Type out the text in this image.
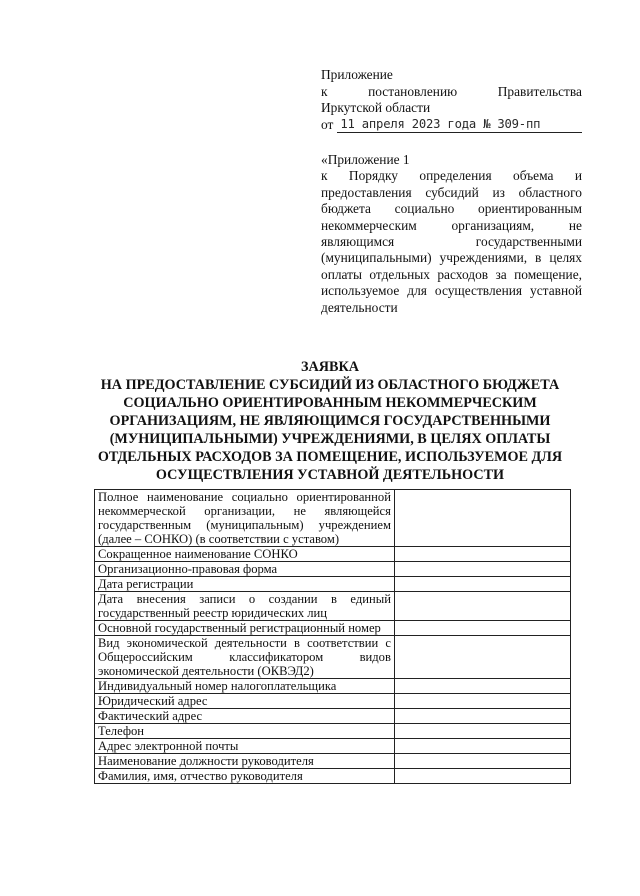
Приложение
к	постановлению	Правительства
Иркутской области
от 11 апреля 2023 года № 309-пп
«Приложение 1
к Порядку определения объема и предоставления субсидий из областного бюджета социально ориентированным некоммерческим организациям, не являющимся государственными (муниципальными) учреждениями, в целях оплаты отдельных расходов за помещение, используемое для осуществления уставной деятельности
ЗАЯВКА
НА ПРЕДОСТАВЛЕНИЕ СУБСИДИЙ ИЗ ОБЛАСТНОГО БЮДЖЕТА
СОЦИАЛЬНО ОРИЕНТИРОВАННЫМ НЕКОММЕРЧЕСКИМ
ОРГАНИЗАЦИЯМ, НЕ ЯВЛЯЮЩИМСЯ ГОСУДАРСТВЕННЫМИ
(МУНИЦИПАЛЬНЫМИ) УЧРЕЖДЕНИЯМИ, В ЦЕЛЯХ ОПЛАТЫ
ОТДЕЛЬНЫХ РАСХОДОВ ЗА ПОМЕЩЕНИЕ, ИСПОЛЬЗУЕМОЕ ДЛЯ
ОСУЩЕСТВЛЕНИЯ УСТАВНОЙ ДЕЯТЕЛЬНОСТИ
Полное наименование социально ориентированной некоммерческой организации, не являющейся государственным (муниципальным) учреждением (далее – СОНКО) (в соответствии с уставом)	
Сокращенное наименование СОНКО	
Организационно-правовая форма	
Дата регистрации	
Дата внесения записи о создании в единый государственный реестр юридических лиц	
Основной государственный регистрационный номер	
Вид экономической деятельности в соответствии с Общероссийским классификатором видов экономической деятельности (ОКВЭД2)	
Индивидуальный номер налогоплательщика	
Юридический адрес	
Фактический адрес	
Телефон	
Адрес электронной почты	
Наименование должности руководителя	
Фамилия, имя, отчество руководителя	
